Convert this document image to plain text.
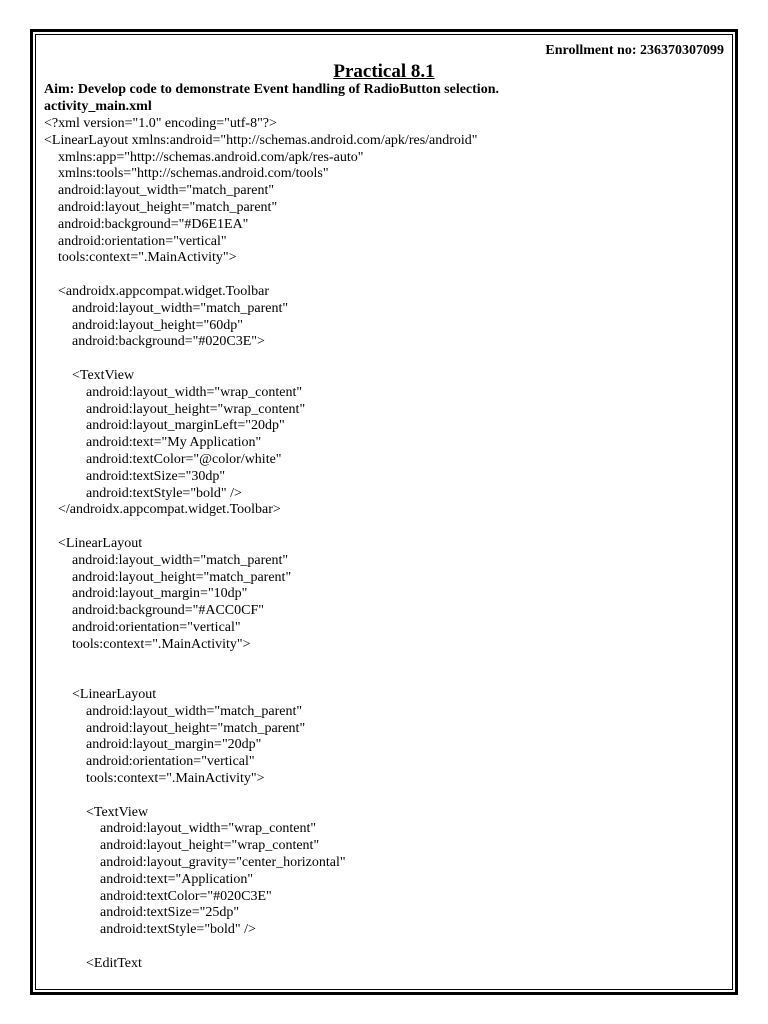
Enrollment no: 236370307099
Practical 8.1
Aim: Develop code to demonstrate Event handling of RadioButton selection.
activity_main.xml
<?xml version="1.0" encoding="utf-8"?>
<LinearLayout xmlns:android="http://schemas.android.com/apk/res/android"
xmlns:app="http://schemas.android.com/apk/res-auto"
xmlns:tools="http://schemas.android.com/tools"
android:layout_width="match_parent"
android:layout_height="match_parent"
android:background="#D6E1EA"
android:orientation="vertical"
tools:context=".MainActivity">
<androidx.appcompat.widget.Toolbar
android:layout_width="match_parent"
android:layout_height="60dp"
android:background="#020C3E">
<TextView
android:layout_width="wrap_content"
android:layout_height="wrap_content"
android:layout_marginLeft="20dp"
android:text="My Application"
android:textColor="@color/white"
android:textSize="30dp"
android:textStyle="bold" />
</androidx.appcompat.widget.Toolbar>
<LinearLayout
android:layout_width="match_parent"
android:layout_height="match_parent"
android:layout_margin="10dp"
android:background="#ACC0CF"
android:orientation="vertical"
tools:context=".MainActivity">
<LinearLayout
android:layout_width="match_parent"
android:layout_height="match_parent"
android:layout_margin="20dp"
android:orientation="vertical"
tools:context=".MainActivity">
<TextView
android:layout_width="wrap_content"
android:layout_height="wrap_content"
android:layout_gravity="center_horizontal"
android:text="Application"
android:textColor="#020C3E"
android:textSize="25dp"
android:textStyle="bold" />
<EditText
